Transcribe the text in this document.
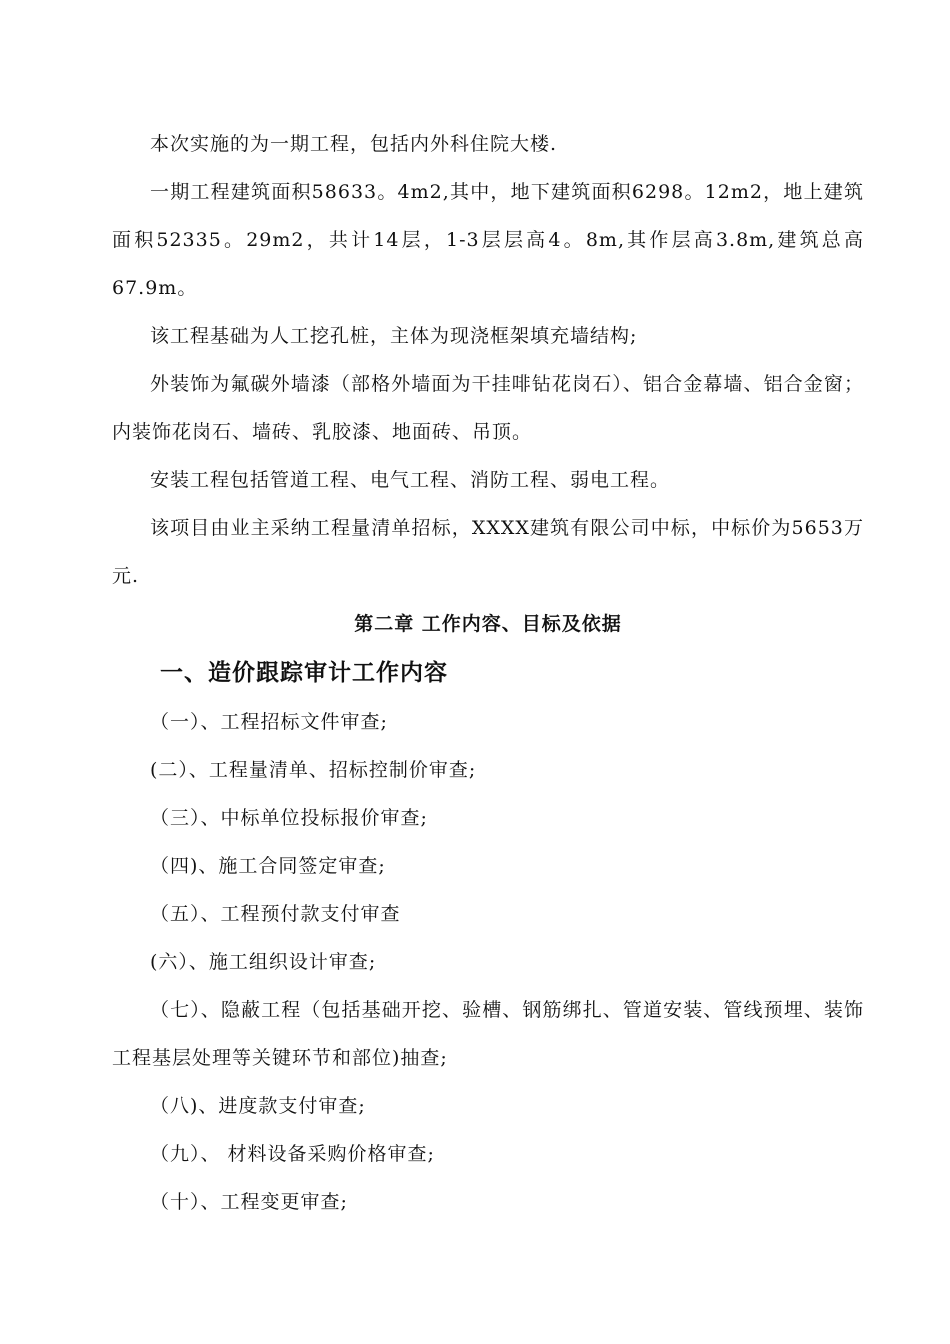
本次实施的为一期工程，包括内外科住院大楼.

一期工程建筑面积58633。4m2,其中，地下建筑面积6298。12m2，地上建筑面积52335。29m2，共计14层，1-3层层高4。8m,其作层高3.8m,建筑总高67.9m。

该工程基础为人工挖孔桩，主体为现浇框架填充墙结构;

外装饰为氟碳外墙漆（部格外墙面为干挂啡钻花岗石）、铝合金幕墙、铝合金窗；内装饰花岗石、墙砖、乳胶漆、地面砖、吊顶。

安装工程包括管道工程、电气工程、消防工程、弱电工程。

该项目由业主采纳工程量清单招标，XXXX建筑有限公司中标，中标价为5653万元.

第二章 工作内容、目标及依据

一、造价跟踪审计工作内容

（一）、工程招标文件审查;

(二）、工程量清单、招标控制价审查;

（三）、中标单位投标报价审查;

（四)、施工合同签定审查;

（五）、工程预付款支付审查

(六）、施工组织设计审查;

（七）、隐蔽工程（包括基础开挖、验槽、钢筋绑扎、管道安装、管线预埋、装饰工程基层处理等关键环节和部位)抽查;

（八)、进度款支付审查;

（九）、 材料设备采购价格审查;

（十）、工程变更审查;
